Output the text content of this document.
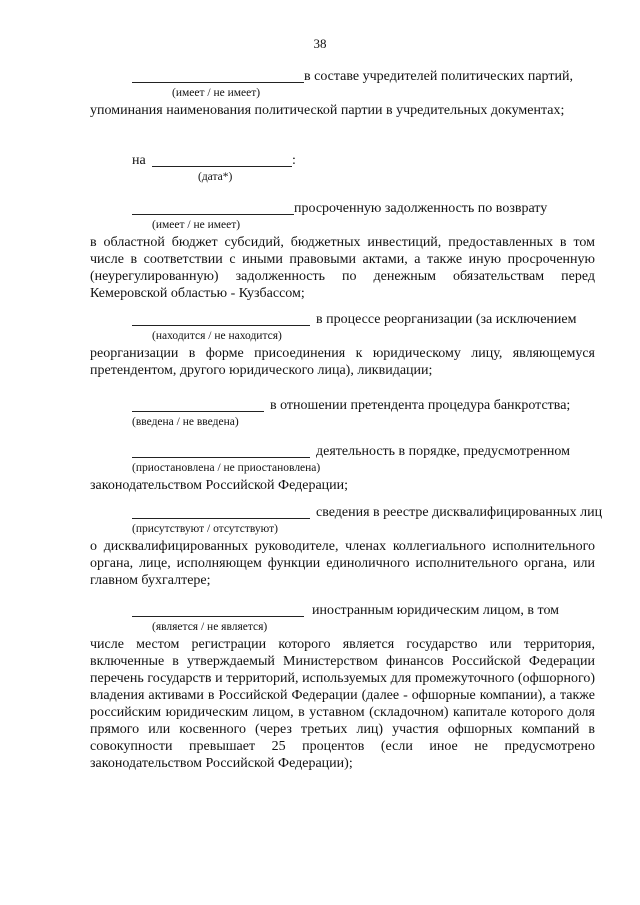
38
в составе учредителей политических партий,
(имеет / не имеет)
упоминания наименования политической партии в учредительных документах;
на	:
(дата*)
просроченную задолженность по возврату
(имеет / не имеет)
в областной бюджет субсидий, бюджетных инвестиций, предоставленных в том числе в соответствии с иными правовыми актами, а также иную просроченную (неурегулированную) задолженность по денежным обязательствам перед Кемеровской областью - Кузбассом;
в процессе реорганизации (за исключением
(находится / не находится)
реорганизации в форме присоединения к юридическому лицу, являющемуся претендентом, другого юридического лица), ликвидации;
в отношении претендента процедура банкротства;
(введена / не введена)
деятельность в порядке, предусмотренном
(приостановлена / не приостановлена)
законодательством Российской Федерации;
сведения в реестре дисквалифицированных лиц
(присутствуют / отсутствуют)
о дисквалифицированных руководителе, членах коллегиального исполнительного органа, лице, исполняющем функции единоличного исполнительного органа, или главном бухгалтере;
иностранным юридическим лицом, в том
(является / не является)
числе местом регистрации которого является государство или территория, включенные в утверждаемый Министерством финансов Российской Федерации перечень государств и территорий, используемых для промежуточного (офшорного) владения активами в Российской Федерации (далее - офшорные компании), а также российским юридическим лицом, в уставном (складочном) капитале которого доля прямого или косвенного (через третьих лиц) участия офшорных компаний в совокупности превышает 25 процентов (если иное не предусмотрено законодательством Российской Федерации);
